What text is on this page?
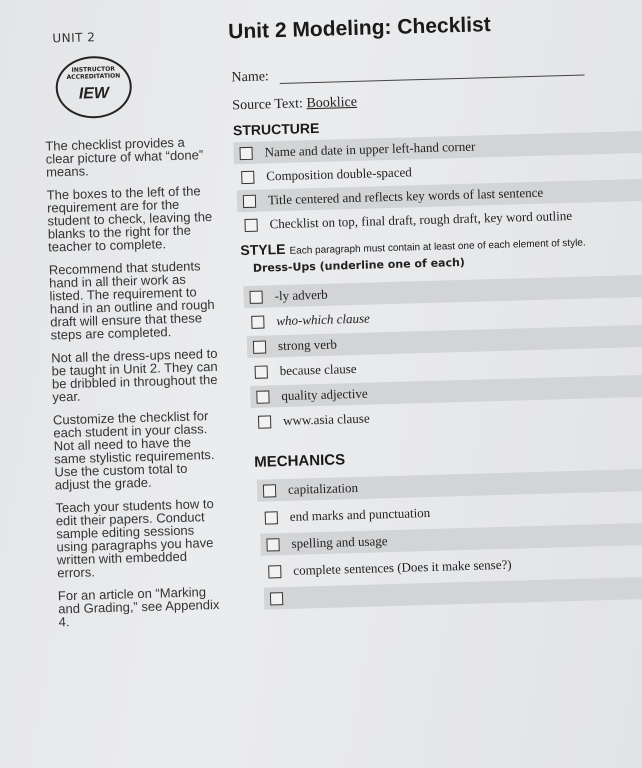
UNIT 2
INSTRUCTOR
ACCREDITATION
IEW
Unit 2 Modeling: Checklist
Name:
Source Text: Booklice

The checklist provides a clear picture of what “done” means.

The boxes to the left of the requirement are for the student to check, leaving the blanks to the right for the teacher to complete.

Recommend that students hand in all their work as listed. The requirement to hand in an outline and rough draft will ensure that these steps are completed.

Not all the dress-ups need to be taught in Unit 2. They can be dribbled in throughout the year.

Customize the checklist for each student in your class. Not all need to have the same stylistic requirements. Use the custom total to adjust the grade.

Teach your students how to edit their papers. Conduct sample editing sessions using paragraphs you have written with embedded errors.

For an article on “Marking and Grading,” see Appendix 4.

STRUCTURE
Name and date in upper left-hand corner
Composition double-spaced
Title centered and reflects key words of last sentence
Checklist on top, final draft, rough draft, key word outline
STYLE Each paragraph must contain at least one of each element of style.
Dress-Ups (underline one of each)
-ly adverb
who-which clause
strong verb
because clause
quality adjective
www.asia clause
MECHANICS
capitalization
end marks and punctuation
spelling and usage
complete sentences (Does it make sense?)
